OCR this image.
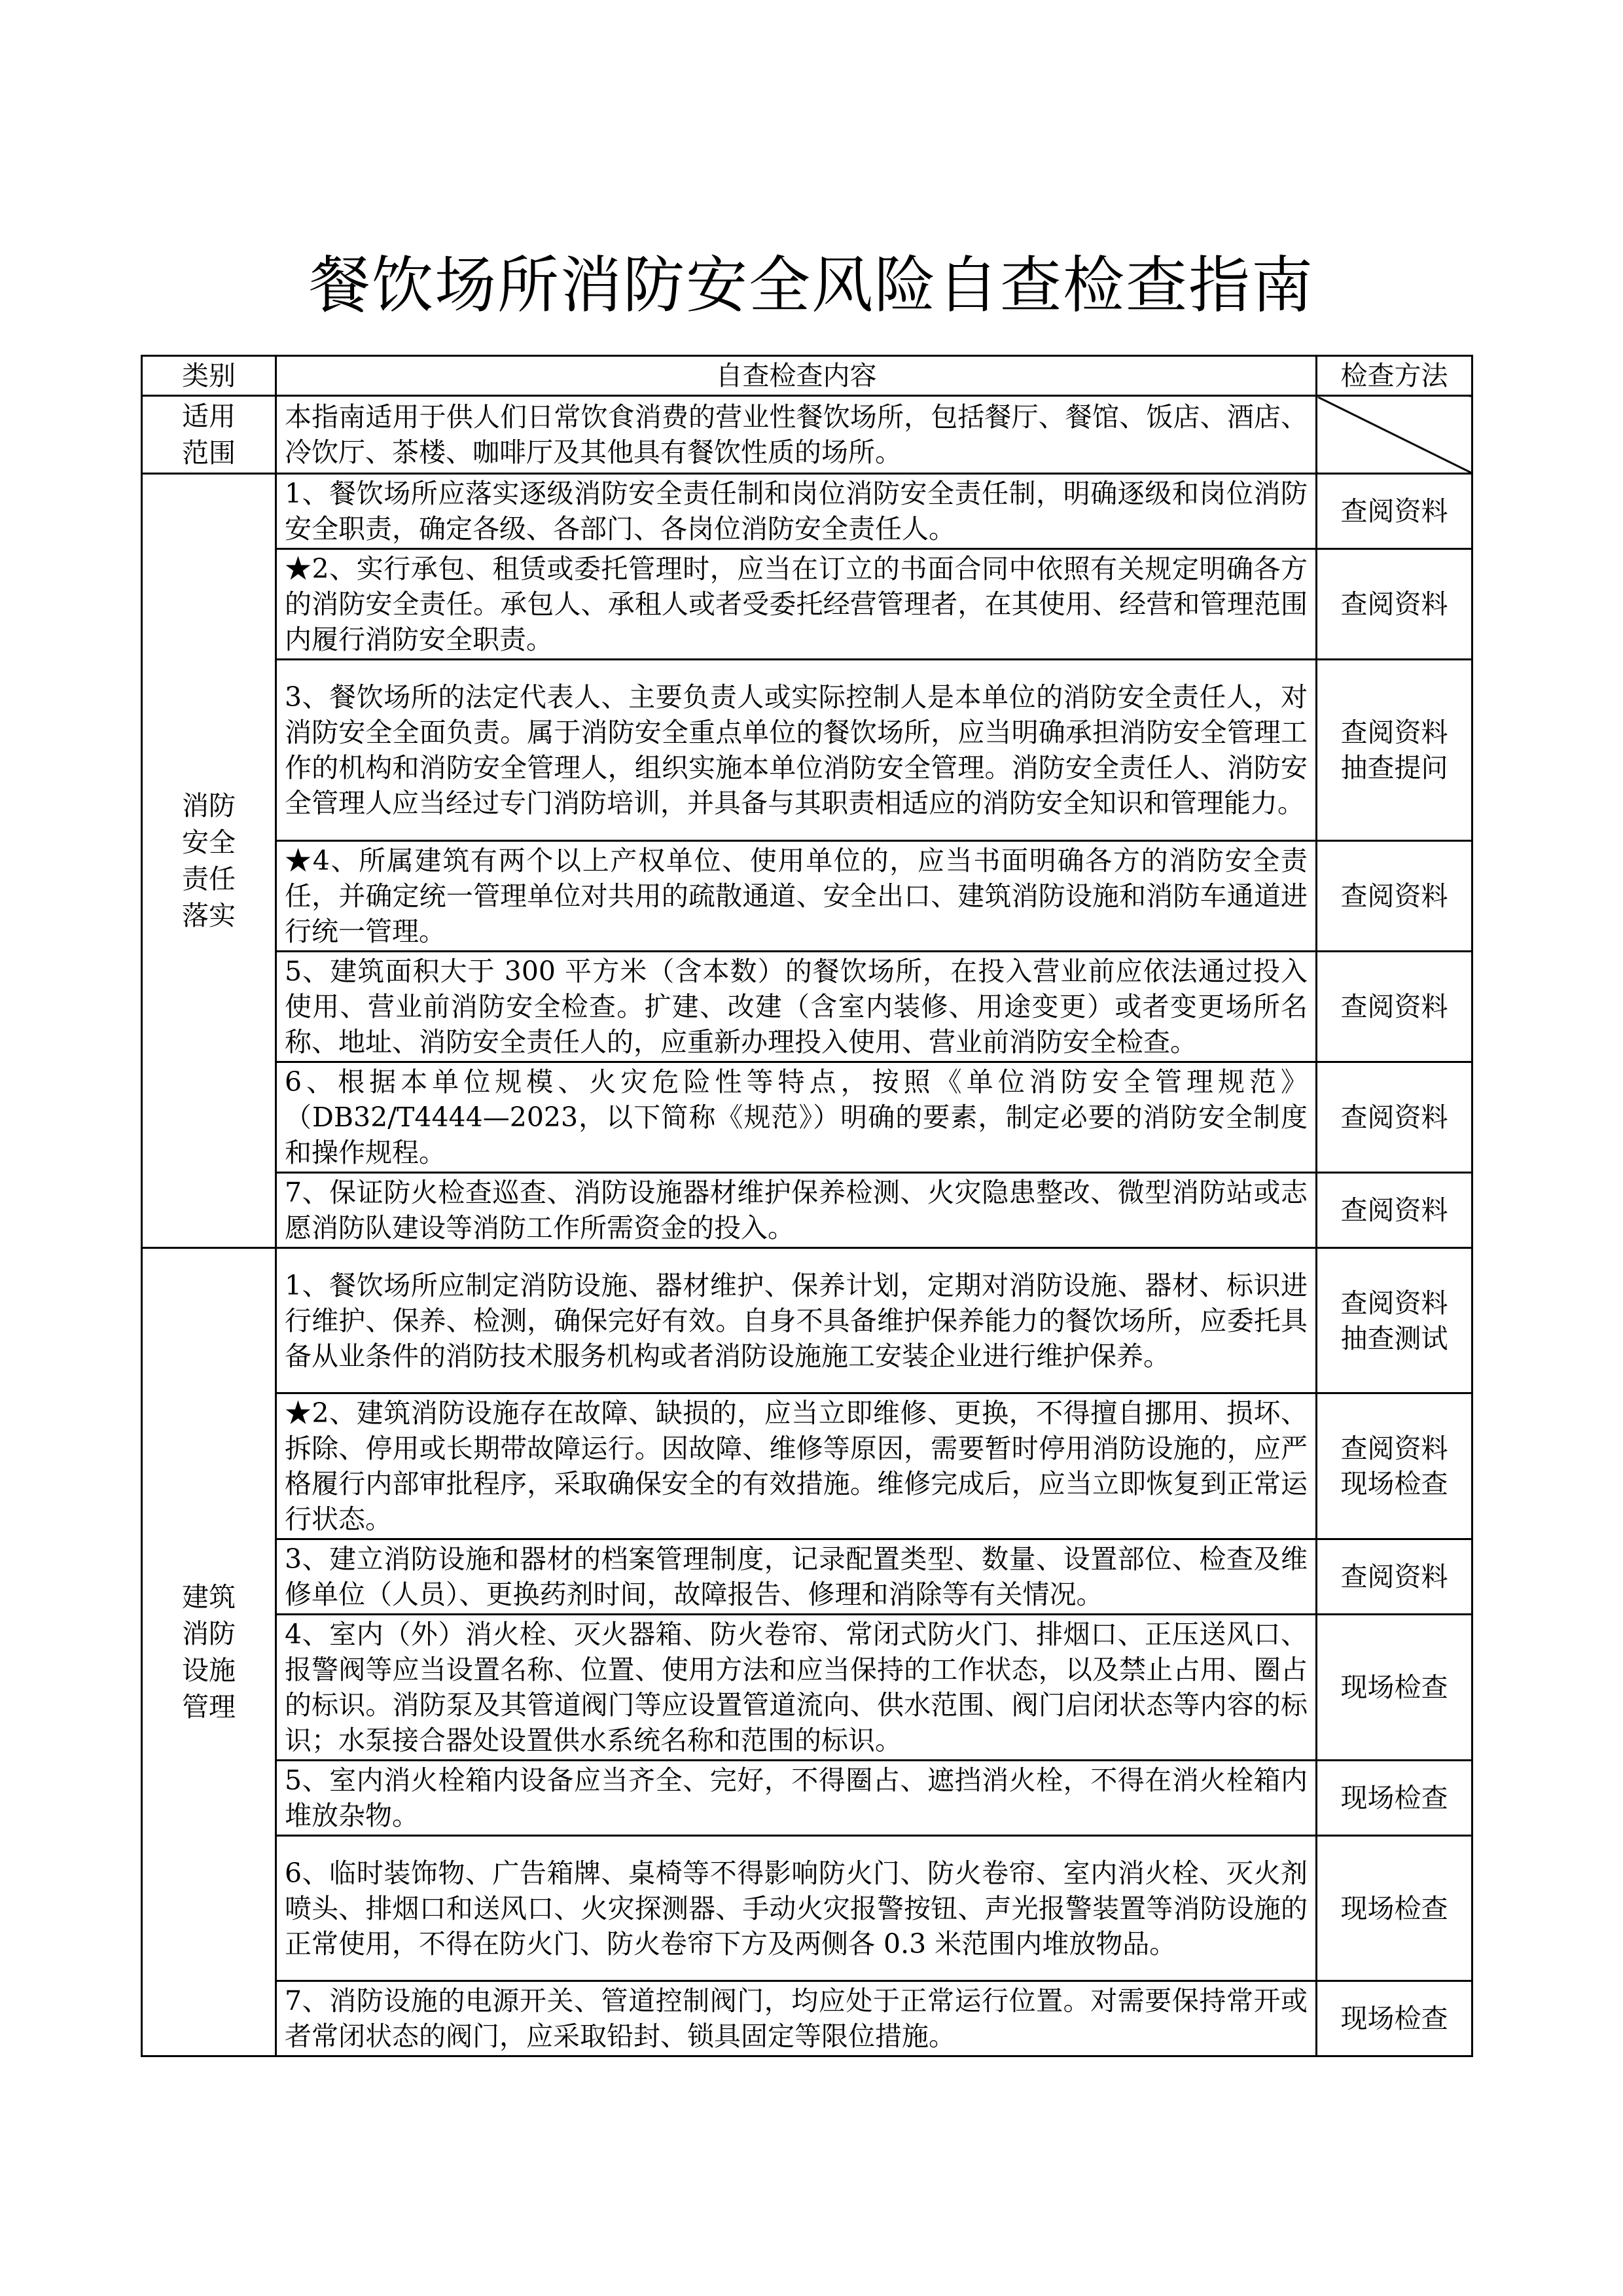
餐饮场所消防安全风险自查检查指南
类别	自查检查内容	检查方法
适用范围	本指南适用于供人们日常饮食消费的营业性餐饮场所，包括餐厅、餐馆、饭店、酒店、冷饮厅、茶楼、咖啡厅及其他具有餐饮性质的场所。	
消防安全责任落实	1、餐饮场所应落实逐级消防安全责任制和岗位消防安全责任制，明确逐级和岗位消防安全职责，确定各级、各部门、各岗位消防安全责任人。	查阅资料

	★2、实行承包、租赁或委托管理时，应当在订立的书面合同中依照有关规定明确各方的消防安全责任。承包人、承租人或者受委托经营管理者，在其使用、经营和管理范围内履行消防安全职责。	查阅资料

	3、餐饮场所的法定代表人、主要负责人或实际控制人是本单位的消防安全责任人，对消防安全全面负责。属于消防安全重点单位的餐饮场所，应当明确承担消防安全管理工作的机构和消防安全管理人，组织实施本单位消防安全管理。消防安全责任人、消防安全管理人应当经过专门消防培训，并具备与其职责相适应的消防安全知识和管理能力。	查阅资料
抽查提问

	★4、所属建筑有两个以上产权单位、使用单位的，应当书面明确各方的消防安全责任，并确定统一管理单位对共用的疏散通道、安全出口、建筑消防设施和消防车通道进行统一管理。	查阅资料

	5、建筑面积大于 300 平方米（含本数）的餐饮场所，在投入营业前应依法通过投入使用、营业前消防安全检查。扩建、改建（含室内装修、用途变更）或者变更场所名称、地址、消防安全责任人的，应重新办理投入使用、营业前消防安全检查。	查阅资料

	6、根据本单位规模、火灾危险性等特点，按照《单位消防安全管理规范》（DB32/T4444—2023，以下简称《规范》）明确的要素，制定必要的消防安全制度和操作规程。	查阅资料

	7、保证防火检查巡查、消防设施器材维护保养检测、火灾隐患整改、微型消防站或志愿消防队建设等消防工作所需资金的投入。	查阅资料

建筑消防设施管理	1、餐饮场所应制定消防设施、器材维护、保养计划，定期对消防设施、器材、标识进行维护、保养、检测，确保完好有效。自身不具备维护保养能力的餐饮场所，应委托具备从业条件的消防技术服务机构或者消防设施施工安装企业进行维护保养。	查阅资料
抽查测试

	★2、建筑消防设施存在故障、缺损的，应当立即维修、更换，不得擅自挪用、损坏、拆除、停用或长期带故障运行。因故障、维修等原因，需要暂时停用消防设施的，应严格履行内部审批程序，采取确保安全的有效措施。维修完成后，应当立即恢复到正常运行状态。	查阅资料
现场检查

	3、建立消防设施和器材的档案管理制度，记录配置类型、数量、设置部位、检查及维修单位（人员）、更换药剂时间，故障报告、修理和消除等有关情况。	查阅资料

	4、室内（外）消火栓、灭火器箱、防火卷帘、常闭式防火门、排烟口、正压送风口、报警阀等应当设置名称、位置、使用方法和应当保持的工作状态，以及禁止占用、圈占的标识。消防泵及其管道阀门等应设置管道流向、供水范围、阀门启闭状态等内容的标识；水泵接合器处设置供水系统名称和范围的标识。	现场检查

	5、室内消火栓箱内设备应当齐全、完好，不得圈占、遮挡消火栓，不得在消火栓箱内堆放杂物。	现场检查

	6、临时装饰物、广告箱牌、桌椅等不得影响防火门、防火卷帘、室内消火栓、灭火剂喷头、排烟口和送风口、火灾探测器、手动火灾报警按钮、声光报警装置等消防设施的正常使用，不得在防火门、防火卷帘下方及两侧各 0.3 米范围内堆放物品。	现场检查

	7、消防设施的电源开关、管道控制阀门，均应处于正常运行位置。对需要保持常开或者常闭状态的阀门，应采取铅封、锁具固定等限位措施。	现场检查
